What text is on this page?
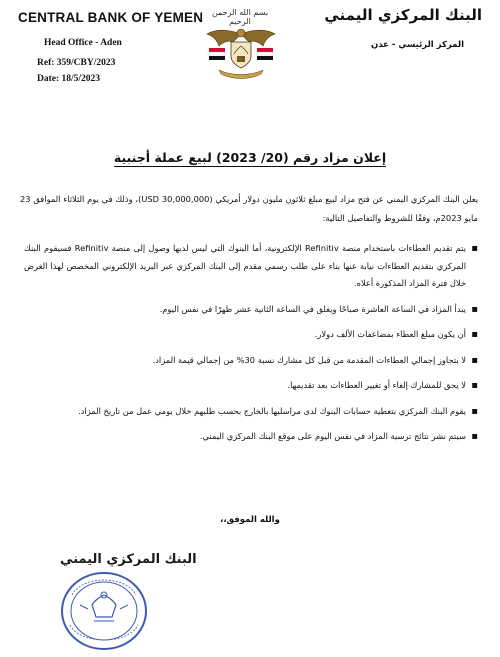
CENTRAL BANK OF YEMEN
Head Office - Aden
Ref: 359/CBY/2023
Date: 18/5/2023
بسم الله الرحمن الرحيم	البنك المركزي اليمني
المركز الرئيسي - عدن
إعلان مزاد رقم (20/ 2023) لبيع عملة أجنبية
يعلن البنك المركزي اليمني عن فتح مزاد لبيع مبلغ ثلاثون مليون دولار أمريكي (30,000,000 USD)، وذلك في يوم الثلاثاء الموافق 23 مايو 2023م، وفقًا للشروط والتفاصيل التالية:
▪ يتم تقديم العطاءات باستخدام منصة Refinitiv الإلكترونية، أما البنوك التي ليس لديها وصول إلى منصة Refinitiv فسيقوم البنك المركزي بتقديم العطاءات نيابة عنها بناء على طلب رسمي مقدم إلى البنك المركزي عبر البريد الإلكتروني المخصص لهذا الغرض خلال فترة المزاد المذكورة أعلاه.
▪ يبدأ المزاد في الساعة العاشرة صباحًا ويغلق في الساعة الثانية عشر ظهرًا في نفس اليوم.
▪ أن يكون مبلغ العطاء بمضاعفات الألف دولار.
▪ لا يتجاوز إجمالي العطاءات المقدمة من قبل كل مشارك نسبة 30% من إجمالي قيمة المزاد.
▪ لا يحق للمشارك إلغاء أو تغيير العطاءات بعد تقديمها.
▪ يقوم البنك المركزي بتغطية حسابات البنوك لدى مراسليها بالخارج بحسب طلبهم خلال يومي عمل من تاريخ المزاد.
▪ سيتم نشر نتائج ترسية المزاد في نفس اليوم على موقع البنك المركزي اليمني.
والله الموفق،،
البنك المركزي اليمني
